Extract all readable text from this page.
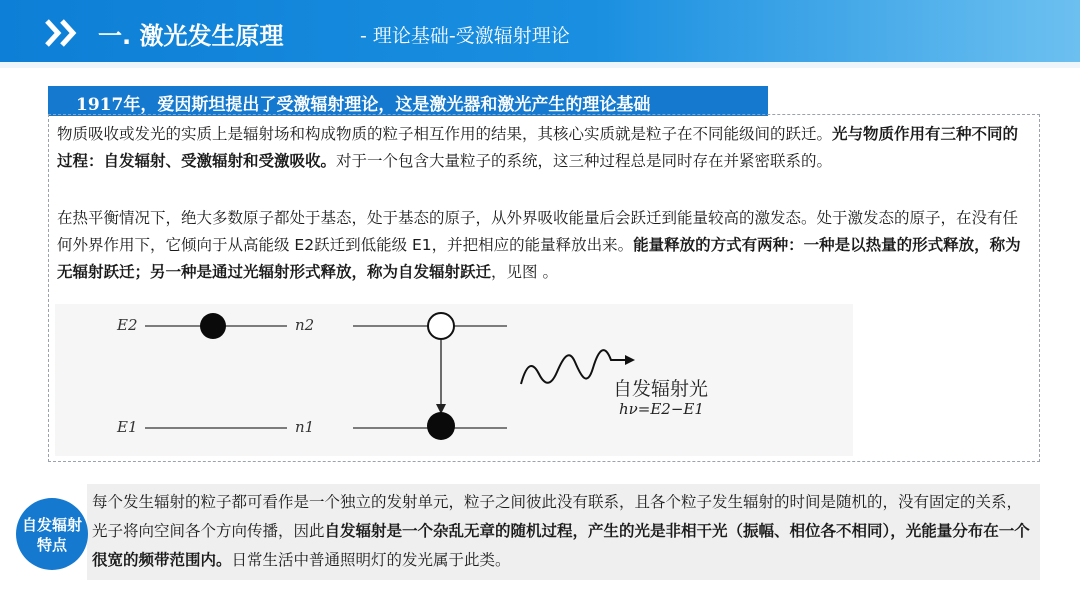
一. 激光发生原理	- 理论基础-受激辐射理论
1917年，爱因斯坦提出了受激辐射理论，这是激光器和激光产生的理论基础
物质吸收或发光的实质上是辐射场和构成物质的粒子相互作用的结果，其核心实质就是粒子在不同能级间的跃迁。光与物质作用有三种不同的过程：自发辐射、受激辐射和受激吸收。对于一个包含大量粒子的系统，这三种过程总是同时存在并紧密联系的。
在热平衡情况下，绝大多数原子都处于基态，处于基态的原子，从外界吸收能量后会跃迁到能量较高的激发态。处于激发态的原子，在没有任何外界作用下，它倾向于从高能级 E2跃迁到低能级 E1，并把相应的能量释放出来。能量释放的方式有两种：一种是以热量的形式释放，称为无辐射跃迁；另一种是通过光辐射形式释放，称为自发辐射跃迁，见图 。
E2
E1
n2
n1
自发辐射光
hν=E2−E1
每个发生辐射的粒子都可看作是一个独立的发射单元，粒子之间彼此没有联系，且各个粒子发生辐射的时间是随机的，没有固定的关系，光子将向空间各个方向传播，因此自发辐射是一个杂乱无章的随机过程，产生的光是非相干光（振幅、相位各不相同），光能量分布在一个很宽的频带范围内。日常生活中普通照明灯的发光属于此类。
自发辐射
特点
